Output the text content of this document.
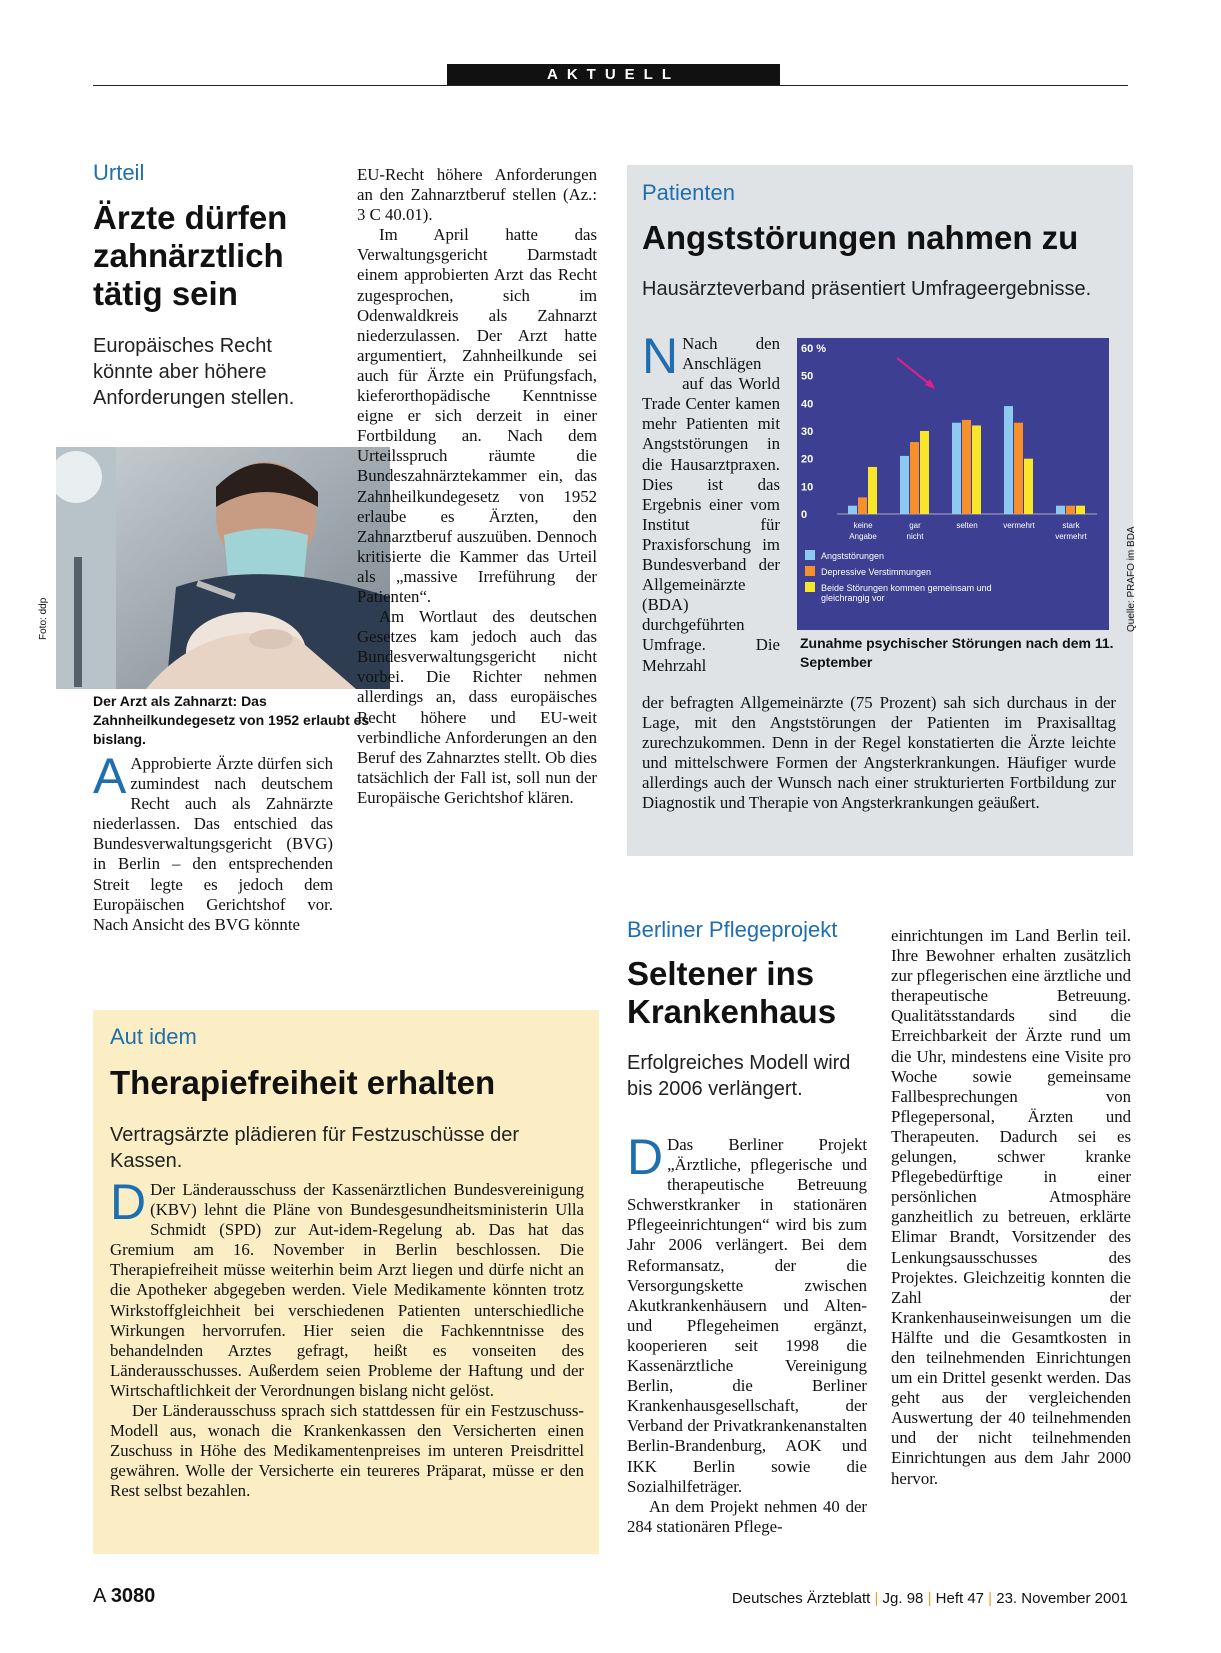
AKTUELL
Urteil
Ärzte dürfen zahnärztlich tätig sein
Europäisches Recht könnte aber höhere Anforderungen stellen.
Foto: ddp
Der Arzt als Zahnarzt: Das Zahnheilkundegesetz von 1952 erlaubt es bislang.

A Approbierte Ärzte dürfen sich zumindest nach deutschem Recht auch als Zahnärzte niederlassen. Das entschied das Bundesverwaltungsgericht (BVG) in Berlin – den entsprechenden Streit legte es jedoch dem Europäischen Gerichtshof vor. Nach Ansicht des BVG könnte

EU-Recht höhere Anforderungen an den Zahnarztberuf stellen (Az.: 3 C 40.01).

Im April hatte das Verwaltungsgericht Darmstadt einem approbierten Arzt das Recht zugesprochen, sich im Odenwaldkreis als Zahnarzt niederzulassen. Der Arzt hatte argumentiert, Zahnheilkunde sei auch für Ärzte ein Prüfungsfach, kieferorthopädische Kenntnisse eigne er sich derzeit in einer Fortbildung an. Nach dem Urteilsspruch räumte die Bundeszahnärztekammer ein, das Zahnheilkundegesetz von 1952 erlaube es Ärzten, den Zahnarztberuf auszuüben. Dennoch kritisierte die Kammer das Urteil als „massive Irreführung der Patienten“.

Am Wortlaut des deutschen Gesetzes kam jedoch auch das Bundesverwaltungsgericht nicht vorbei. Die Richter nehmen allerdings an, dass europäisches Recht höhere und EU-weit verbindliche Anforderungen an den Beruf des Zahnarztes stellt. Ob dies tatsächlich der Fall ist, soll nun der Europäische Gerichtshof klären.

Patienten
Angststörungen nahmen zu
Hausärzteverband präsentiert Umfrageergebnisse.

N Nach den Anschlägen auf das World Trade Center kamen mehr Patienten mit Angststörungen in die Hausarztpraxen. Dies ist das Ergebnis einer vom Institut für Praxisforschung im Bundesverband der Allgemeinärzte (BDA) durchgeführten Umfrage. Die Mehrzahl

der befragten Allgemeinärzte (75 Prozent) sah sich durchaus in der Lage, mit den Angststörungen der Patienten im Praxisalltag zurechzukommen. Denn in der Regel konstatierten die Ärzte leichte und mittelschwere Formen der Angsterkrankungen. Häufiger wurde allerdings auch der Wunsch nach einer strukturierten Fortbildung zur Diagnostik und Therapie von Angsterkrankungen geäußert.
0
10
20
30
40
50
60 %
keine
Angabe
gar
nicht
selten	vermehrt	stark
vermehrt
Angststörungen
Depressive Verstimmungen
Beide Störungen kommen gemeinsam und
gleichrangig vor	Quelle: PRAFO im BDA
Zunahme psychischer Störungen nach dem 11. September
Aut idem
Therapiefreiheit erhalten
Vertragsärzte plädieren für Festzuschüsse der Kassen.

D Der Länderausschuss der Kassenärztlichen Bundesvereinigung (KBV) lehnt die Pläne von Bundesgesundheitsministerin Ulla Schmidt (SPD) zur Aut-idem-Regelung ab. Das hat das Gremium am 16. November in Berlin beschlossen. Die Therapiefreiheit müsse weiterhin beim Arzt liegen und dürfe nicht an die Apotheker abgegeben werden. Viele Medikamente könnten trotz Wirkstoffgleichheit bei verschiedenen Patienten unterschiedliche Wirkungen hervorrufen. Hier seien die Fachkenntnisse des behandelnden Arztes gefragt, heißt es vonseiten des Länderausschusses. Außerdem seien Probleme der Haftung und der Wirtschaftlichkeit der Verordnungen bislang nicht gelöst.

Der Länderausschuss sprach sich stattdessen für ein Festzuschuss-Modell aus, wonach die Krankenkassen den Versicherten einen Zuschuss in Höhe des Medikamentenpreises im unteren Preisdrittel gewähren. Wolle der Versicherte ein teureres Präparat, müsse er den Rest selbst bezahlen.

Berliner Pflegeprojekt
Seltener ins Krankenhaus
Erfolgreiches Modell wird bis 2006 verlängert.

D Das Berliner Projekt „Ärztliche, pflegerische und therapeutische Betreuung Schwerstkranker in stationären Pflegeeinrichtungen“ wird bis zum Jahr 2006 verlängert. Bei dem Reformansatz, der die Versorgungskette zwischen Akutkrankenhäusern und Alten- und Pflegeheimen ergänzt, kooperieren seit 1998 die Kassenärztliche Vereinigung Berlin, die Berliner Krankenhausgesellschaft, der Verband der Privatkrankenanstalten Berlin-Brandenburg, AOK und IKK Berlin sowie die Sozialhilfeträger.

An dem Projekt nehmen 40 der 284 stationären Pflege-

einrichtungen im Land Berlin teil. Ihre Bewohner erhalten zusätzlich zur pflegerischen eine ärztliche und therapeutische Betreuung. Qualitätsstandards sind die Erreichbarkeit der Ärzte rund um die Uhr, mindestens eine Visite pro Woche sowie gemeinsame Fallbesprechungen von Pflegepersonal, Ärzten und Therapeuten. Dadurch sei es gelungen, schwer kranke Pflegebedürftige in einer persönlichen Atmosphäre ganzheitlich zu betreuen, erklärte Elimar Brandt, Vorsitzender des Lenkungsausschusses des Projektes. Gleichzeitig konnten die Zahl der Krankenhauseinweisungen um die Hälfte und die Gesamtkosten in den teilnehmenden Einrichtungen um ein Drittel gesenkt werden. Das geht aus der vergleichenden Auswertung der 40 teilnehmenden und der nicht teilnehmenden Einrichtungen aus dem Jahr 2000 hervor.
A 3080	Deutsches Ärzteblatt | Jg. 98 | Heft 47 | 23. November 2001
